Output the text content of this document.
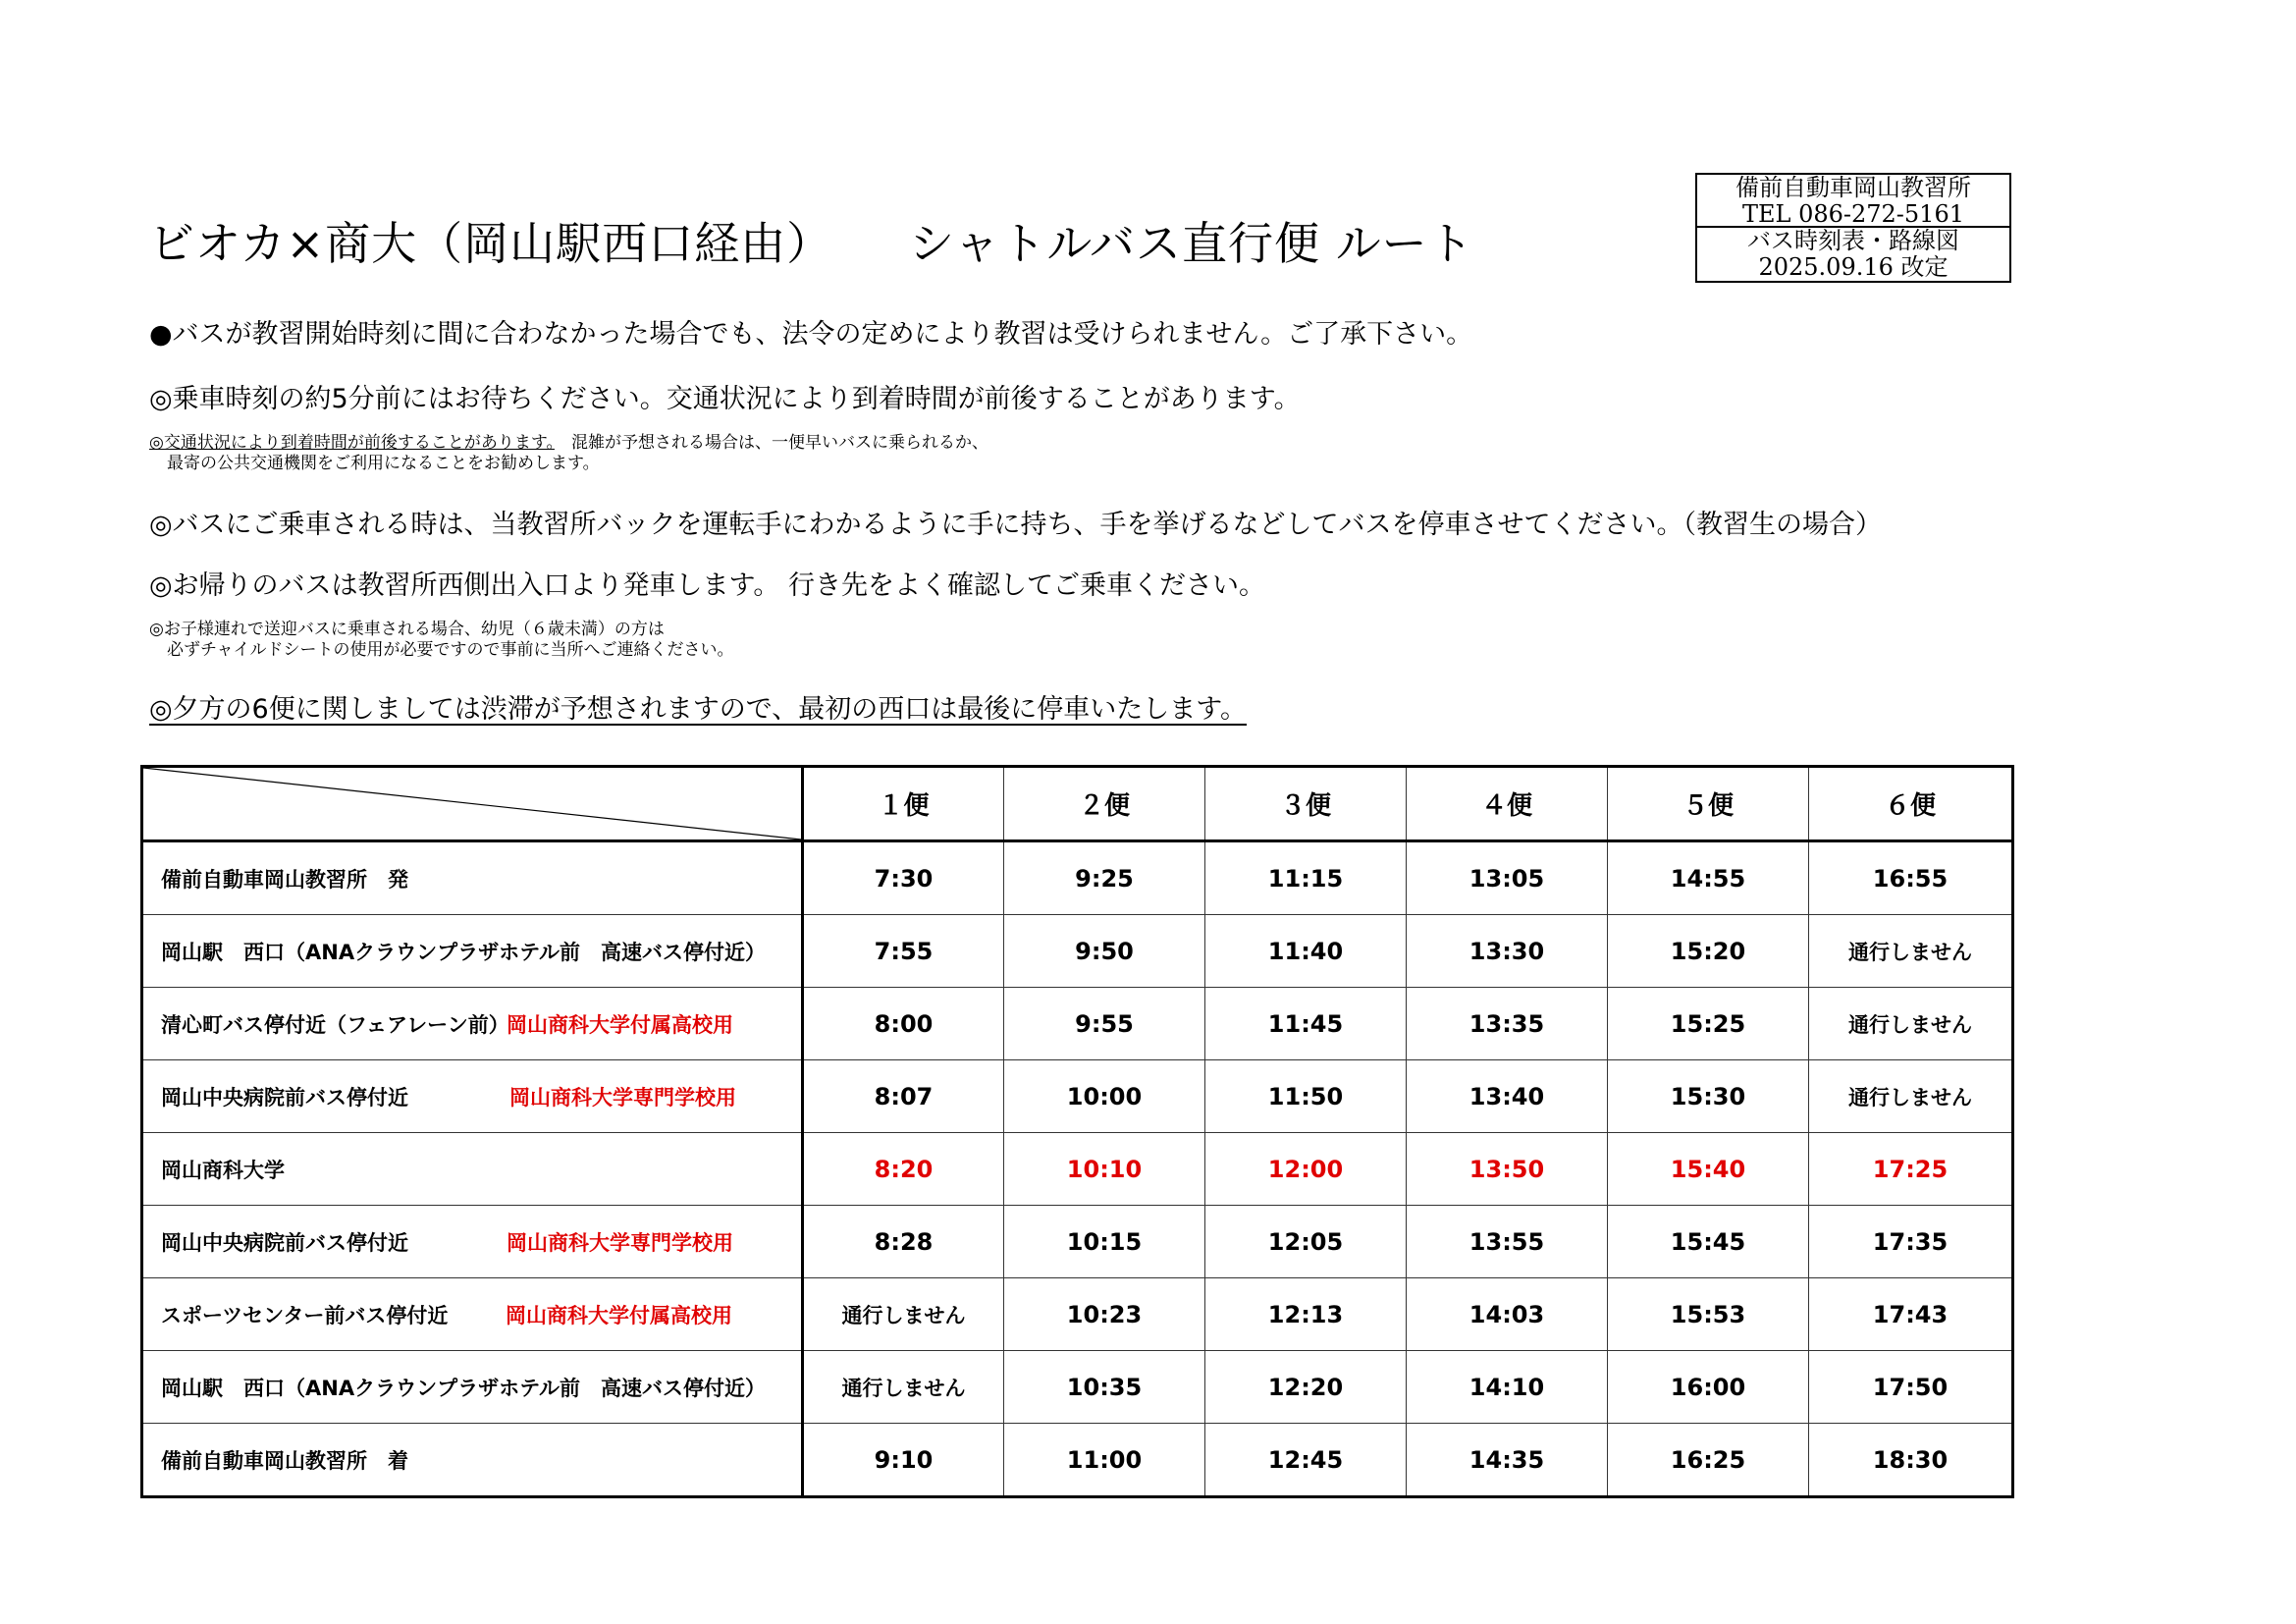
ビオカ×商大（岡山駅西口経由） シャトルバス直行便 ルート
備前自動車岡山教習所
TEL 086-272-5161
バス時刻表・路線図
2025.09.16 改定
●バスが教習開始時刻に間に合わなかった場合でも、法令の定めにより教習は受けられません。ご了承下さい。
◎乗車時刻の約5分前にはお待ちください。交通状況により到着時間が前後することがあります。
◎交通状況により到着時間が前後することがあります。　 混雑が予想される場合は、一便早いバスに乗られるか、
最寄の公共交通機関をご利用になることをお勧めします。
◎バスにご乗車される時は、当教習所バックを運転手にわかるように手に持ち、手を挙げるなどしてバスを停車させてください。（教習生の場合）
◎お帰りのバスは教習所西側出入口より発車します。 行き先をよく確認してご乗車ください。
◎お子様連れで送迎バスに乗車される場合、幼児（６歳未満）の方は
必ずチャイルドシートの使用が必要ですので事前に当所へご連絡ください。
◎夕方の6便に関しましては渋滞が予想されますので、最初の西口は最後に停車いたします。
	１便	２便	３便	４便	５便	６便
備前自動車岡山教習所　発	7:30	9:25	11:15	13:05	14:55	16:55
岡山駅　西口（ANAクラウンプラザホテル前　高速バス停付近）	7:55	9:50	11:40	13:30	15:20	通行しません
清心町バス停付近（フェアレーン前）
岡山商科大学付属高校用	8:00	9:55	11:45	13:35	15:25	通行しません
岡山中央病院前バス停付近 岡山商科大学専門学校用	8:07	10:00	11:50	13:40	15:30	通行しません
岡山商科大学	8:20	10:10	12:00	13:50	15:40	17:25
岡山中央病院前バス停付近 岡山商科大学専門学校用	8:28	10:15	12:05	13:55	15:45	17:35
スポーツセンター前バス停付近 岡山商科大学付属高校用	通行しません	10:23	12:13	14:03	15:53	17:43
岡山駅　西口（ANAクラウンプラザホテル前　高速バス停付近）	通行しません	10:35	12:20	14:10	16:00	17:50
備前自動車岡山教習所　着	9:10	11:00	12:45	14:35	16:25	18:30
